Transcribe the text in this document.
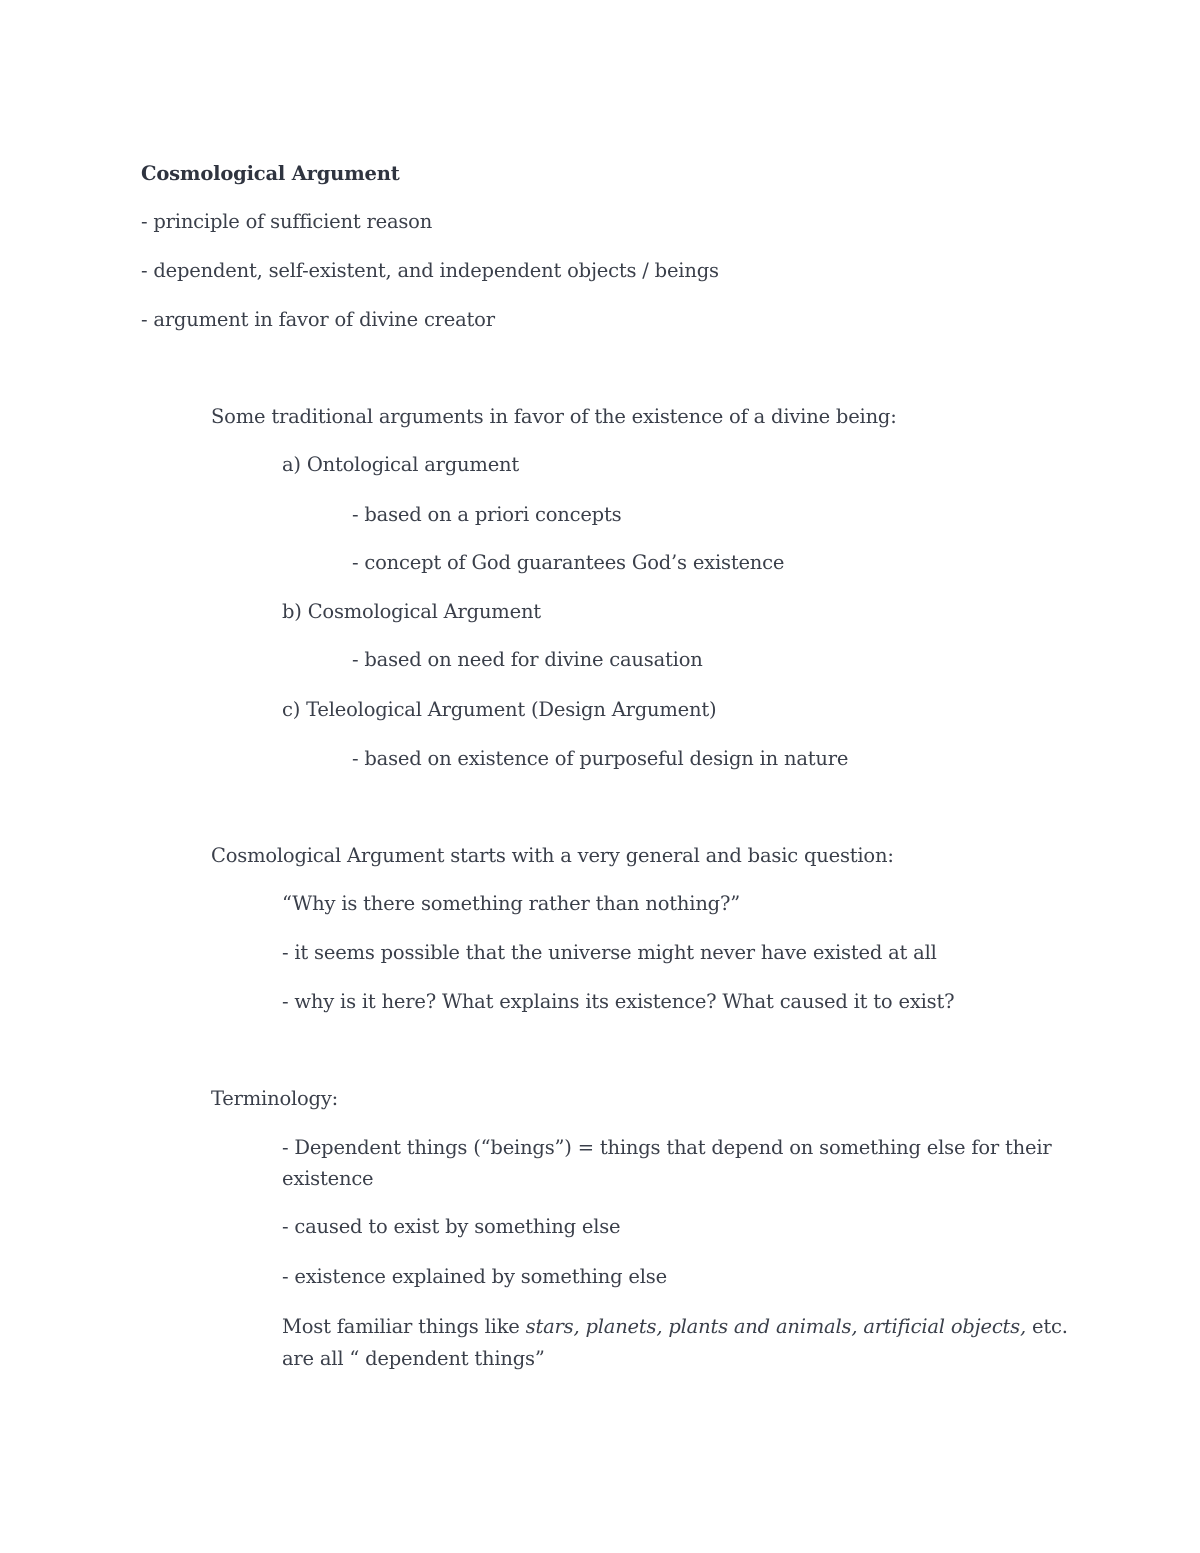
Cosmological Argument
- principle of sufficient reason
- dependent, self-existent, and independent objects / beings
- argument in favor of divine creator
Some traditional arguments in favor of the existence of a divine being:
a) Ontological argument
- based on a priori concepts
- concept of God guarantees God’s existence
b) Cosmological Argument
- based on need for divine causation
c) Teleological Argument (Design Argument)
- based on existence of purposeful design in nature
Cosmological Argument starts with a very general and basic question:
“Why is there something rather than nothing?”
- it seems possible that the universe might never have existed at all
- why is it here? What explains its existence? What caused it to exist?
Terminology:
- Dependent things (“beings”) = things that depend on something else for their
existence
- caused to exist by something else
- existence explained by something else
Most familiar things like stars, planets, plants and animals, artificial objects, etc.
are all “ dependent things”
